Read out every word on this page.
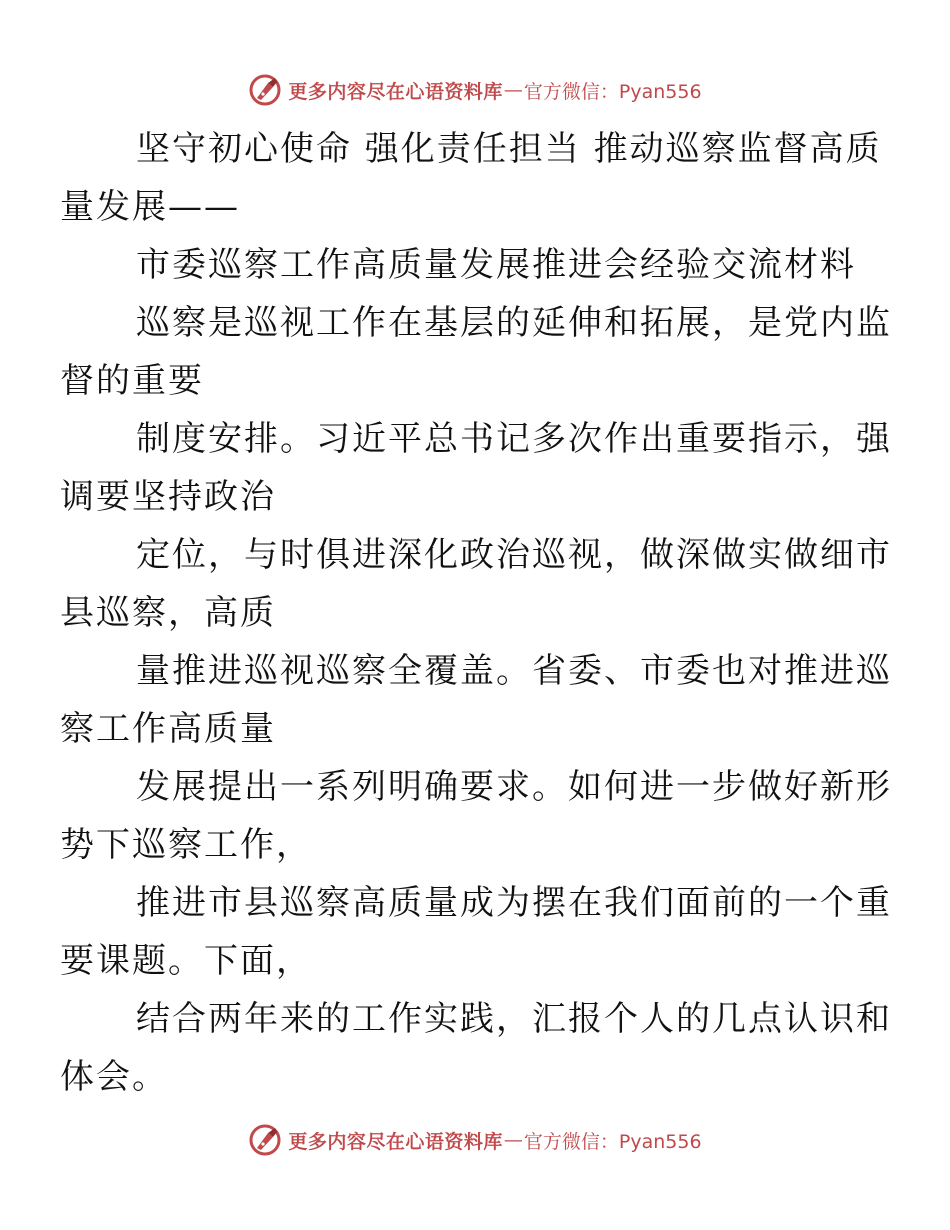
更多内容尽在心语资料库 — 官方微信：Pyan556

坚守初心使命 强化责任担当 推动巡察监督高质
量发展——

市委巡察工作高质量发展推进会经验交流材料

巡察是巡视工作在基层的延伸和拓展，是党内监
督的重要

制度安排。习近平总书记多次作出重要指示，强
调要坚持政治

定位，与时俱进深化政治巡视，做深做实做细市
县巡察，高质

量推进巡视巡察全覆盖。省委、市委也对推进巡
察工作高质量

发展提出一系列明确要求。如何进一步做好新形
势下巡察工作，

推进市县巡察高质量成为摆在我们面前的一个重
要课题。下面，

结合两年来的工作实践，汇报个人的几点认识和
体会。

更多内容尽在心语资料库 — 官方微信：Pyan556
